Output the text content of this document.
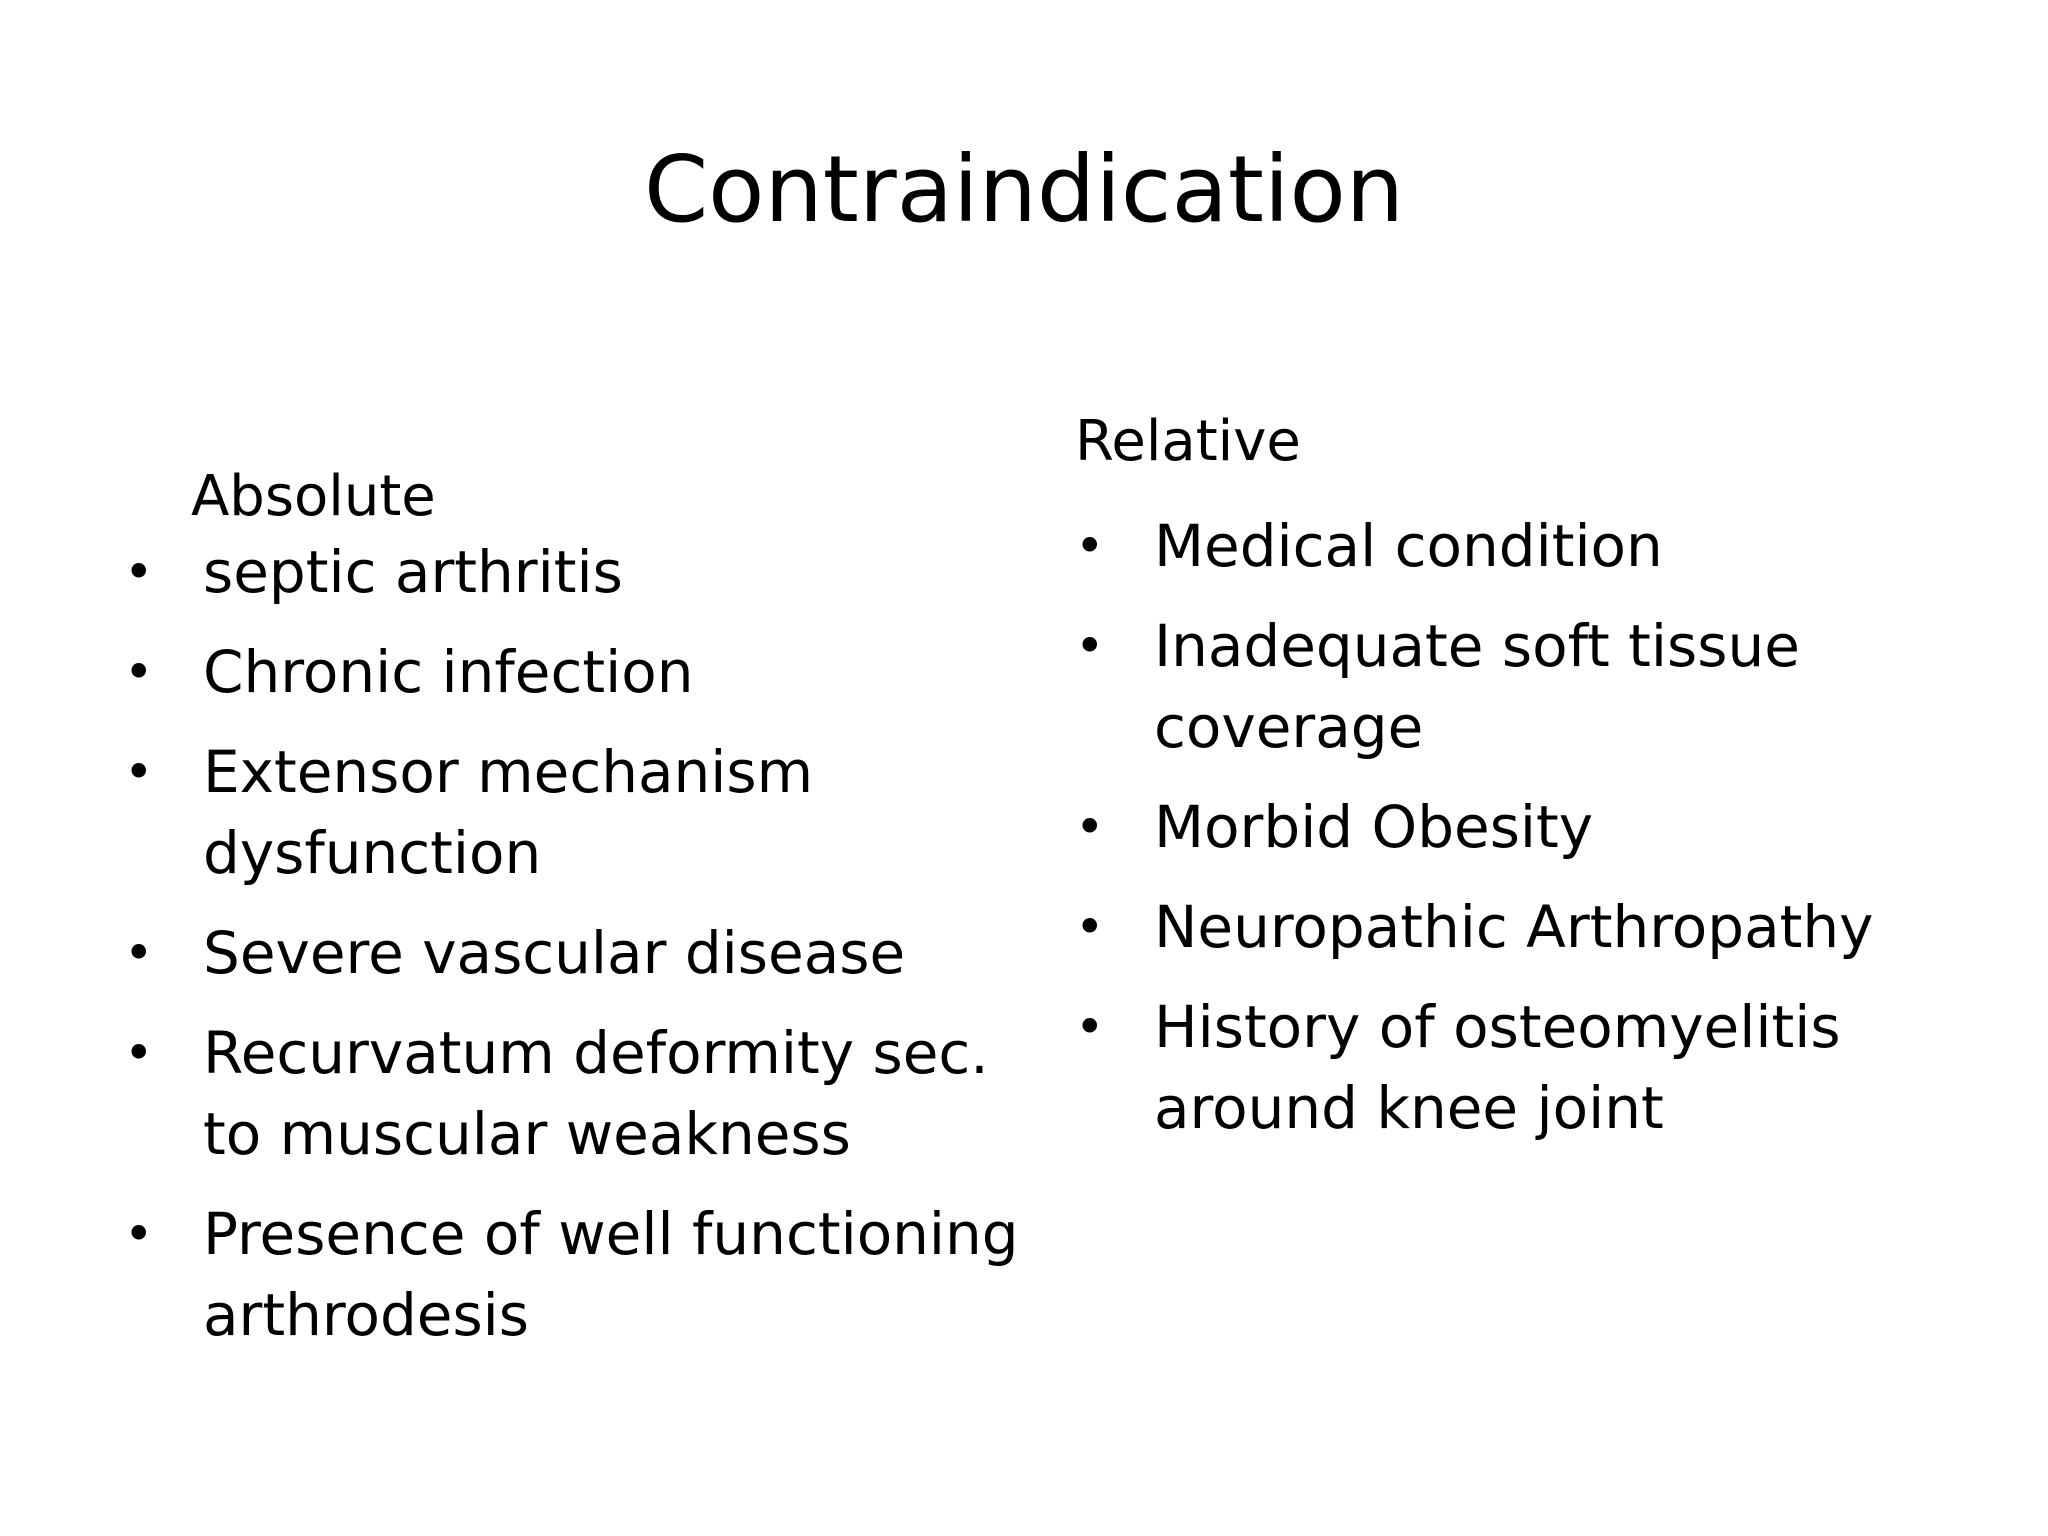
Contraindication
Absolute
• septic arthritis
• Chronic infection
• Extensor mechanism dysfunction
• Severe vascular disease
• Recurvatum deformity sec. to muscular weakness
• Presence of well functioning arthrodesis
Relative
• Medical condition
• Inadequate soft tissue coverage
• Morbid Obesity
• Neuropathic Arthropathy
• History of osteomyelitis around knee joint
